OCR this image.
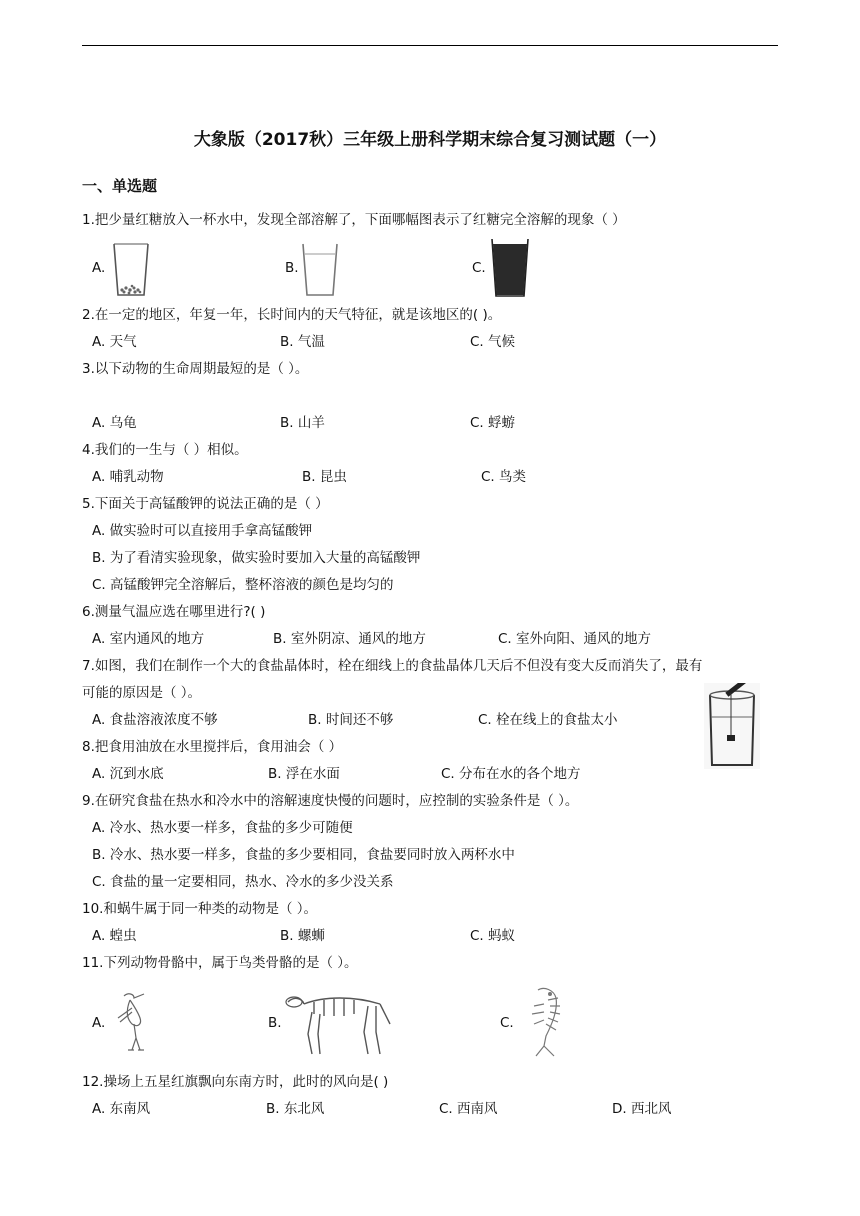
大象版（2017秋）三年级上册科学期末综合复习测试题（一）
一、单选题
1.把少量红糖放入一杯水中，发现全部溶解了，下面哪幅图表示了红糖完全溶解的现象（ ）
A.	B.	C.
2.在一定的地区，年复一年，长时间内的天气特征，就是该地区的( )。
A. 天气	B. 气温	C. 气候
3.以下动物的生命周期最短的是（ ）。
A. 乌龟	B. 山羊	C. 蜉蝣
4.我们的一生与（ ）相似。
A. 哺乳动物	B. 昆虫	C. 鸟类
5.下面关于高锰酸钾的说法正确的是（ ）
A. 做实验时可以直接用手拿高锰酸钾
B. 为了看清实验现象，做实验时要加入大量的高锰酸钾
C. 高锰酸钾完全溶解后，整杯溶液的颜色是均匀的
6.测量气温应选在哪里进行?( )
A. 室内通风的地方	B. 室外阴凉、通风的地方	C. 室外向阳、通风的地方
7.如图，我们在制作一个大的食盐晶体时，栓在细线上的食盐晶体几天后不但没有变大反而消失了，最有
可能的原因是（ ）。
A. 食盐溶液浓度不够	B. 时间还不够	C. 栓在线上的食盐太小
8.把食用油放在水里搅拌后，食用油会（ ）
A. 沉到水底	B. 浮在水面	C. 分布在水的各个地方
9.在研究食盐在热水和冷水中的溶解速度快慢的问题时，应控制的实验条件是（ ）。
A. 冷水、热水要一样多，食盐的多少可随便
B. 冷水、热水要一样多，食盐的多少要相同，食盐要同时放入两杯水中
C. 食盐的量一定要相同，热水、冷水的多少没关系
10.和蜗牛属于同一种类的动物是（ ）。
A. 蝗虫	B. 螺蛳	C. 蚂蚁
11.下列动物骨骼中，属于鸟类骨骼的是（ ）。
A.	B.	C.
12.操场上五星红旗飘向东南方时，此时的风向是( )
A. 东南风	B. 东北风	C. 西南风	D. 西北风
